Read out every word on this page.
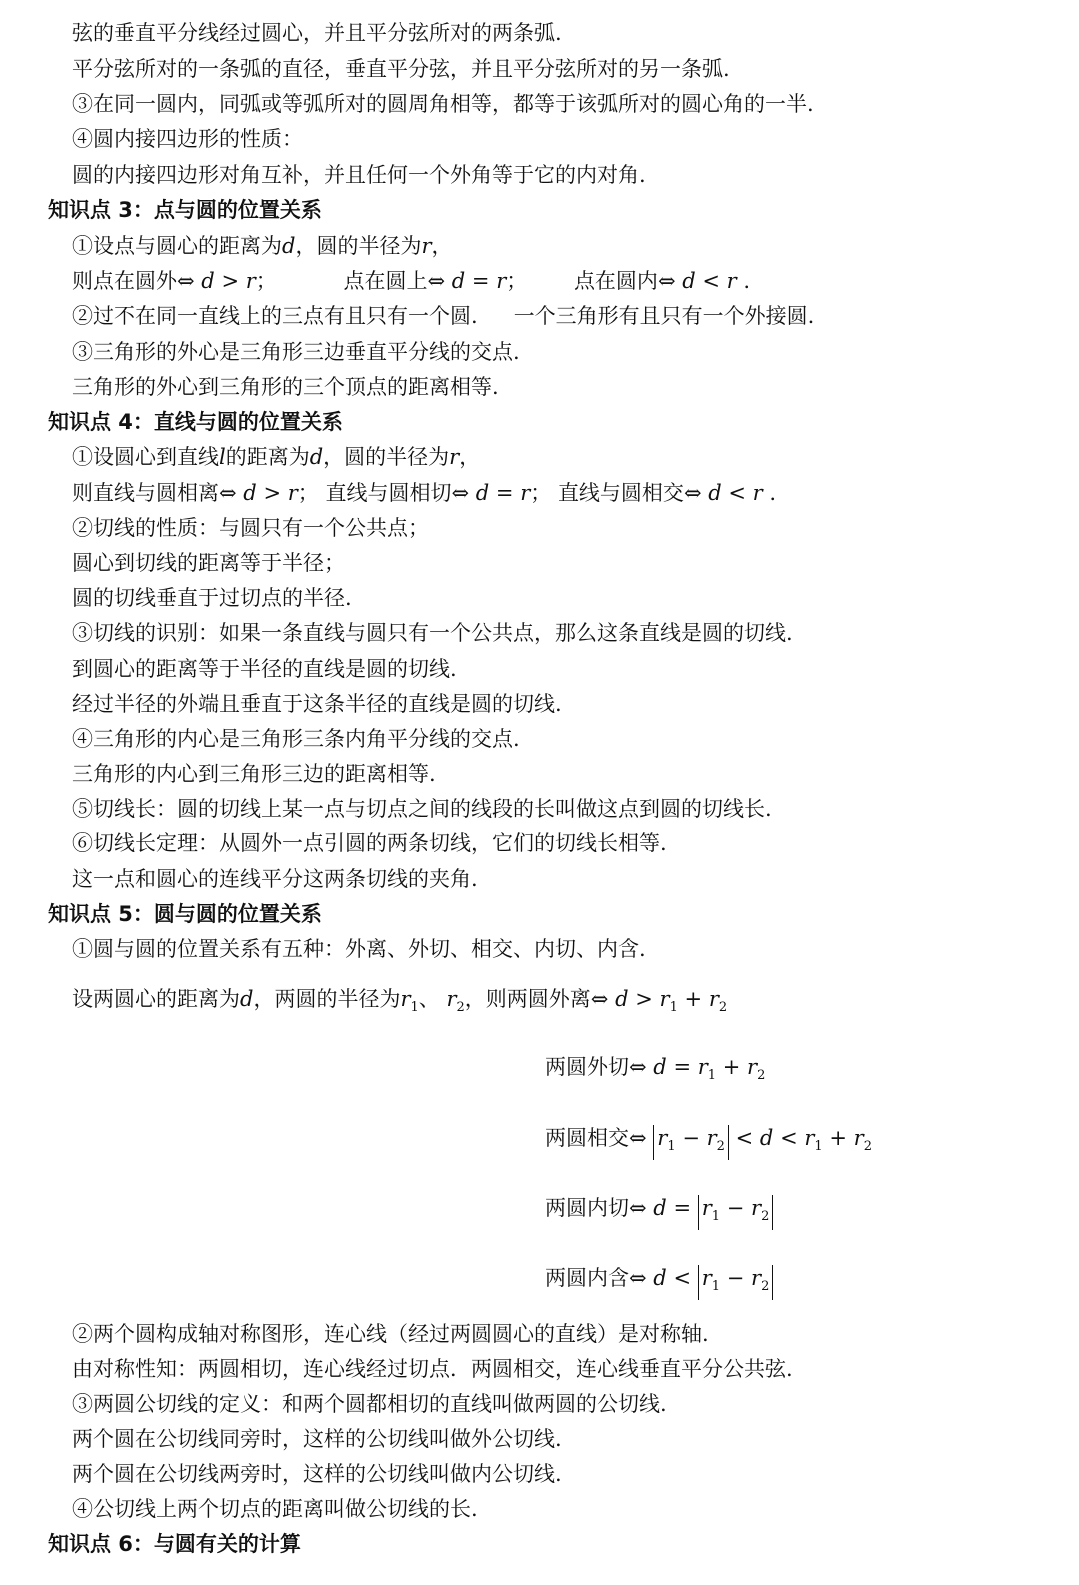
弦的垂直平分线经过圆心，并且平分弦所对的两条弧.
平分弦所对的一条弧的直径，垂直平分弦，并且平分弦所对的另一条弧.
③在同一圆内，同弧或等弧所对的圆周角相等，都等于该弧所对的圆心角的一半.
④圆内接四边形的性质：
圆的内接四边形对角互补，并且任何一个外角等于它的内对角.
知识点 3：点与圆的位置关系
①设点与圆心的距离为d，圆的半径为r，
则点在圆外⇔ d > r；	点在圆上⇔ d = r； 点在圆内⇔ d < r .
②过不在同一直线上的三点有且只有一个圆. 一个三角形有且只有一个外接圆.
③三角形的外心是三角形三边垂直平分线的交点.
三角形的外心到三角形的三个顶点的距离相等.
知识点 4：直线与圆的位置关系
①设圆心到直线l的距离为d，圆的半径为r，
则直线与圆相离⇔ d > r； 直线与圆相切⇔ d = r； 直线与圆相交⇔ d < r .
②切线的性质：与圆只有一个公共点；
圆心到切线的距离等于半径；
圆的切线垂直于过切点的半径.
③切线的识别：如果一条直线与圆只有一个公共点，那么这条直线是圆的切线.
到圆心的距离等于半径的直线是圆的切线.
经过半径的外端且垂直于这条半径的直线是圆的切线.
④三角形的内心是三角形三条内角平分线的交点.
三角形的内心到三角形三边的距离相等.
⑤切线长：圆的切线上某一点与切点之间的线段的长叫做这点到圆的切线长.
⑥切线长定理：从圆外一点引圆的两条切线，它们的切线长相等.
这一点和圆心的连线平分这两条切线的夹角.
知识点 5：圆与圆的位置关系
①圆与圆的位置关系有五种：外离、外切、相交、内切、内含.
设两圆心的距离为d，两圆的半径为$r_1$、 $r_2$，则两圆外离⇔ $d > r_1 + r_2$
两圆外切⇔ $d = r_1 + r_2$
两圆相交⇔ $r_1 - r_2 < d < r_1 + r_2$
两圆内切⇔ $d = r_1 - r_2$
两圆内含⇔ $d < r_1 - r_2$
②两个圆构成轴对称图形，连心线（经过两圆圆心的直线）是对称轴.
由对称性知：两圆相切，连心线经过切点．两圆相交，连心线垂直平分公共弦.
③两圆公切线的定义：和两个圆都相切的直线叫做两圆的公切线.
两个圆在公切线同旁时，这样的公切线叫做外公切线.
两个圆在公切线两旁时，这样的公切线叫做内公切线.
④公切线上两个切点的距离叫做公切线的长.
知识点 6：与圆有关的计算
